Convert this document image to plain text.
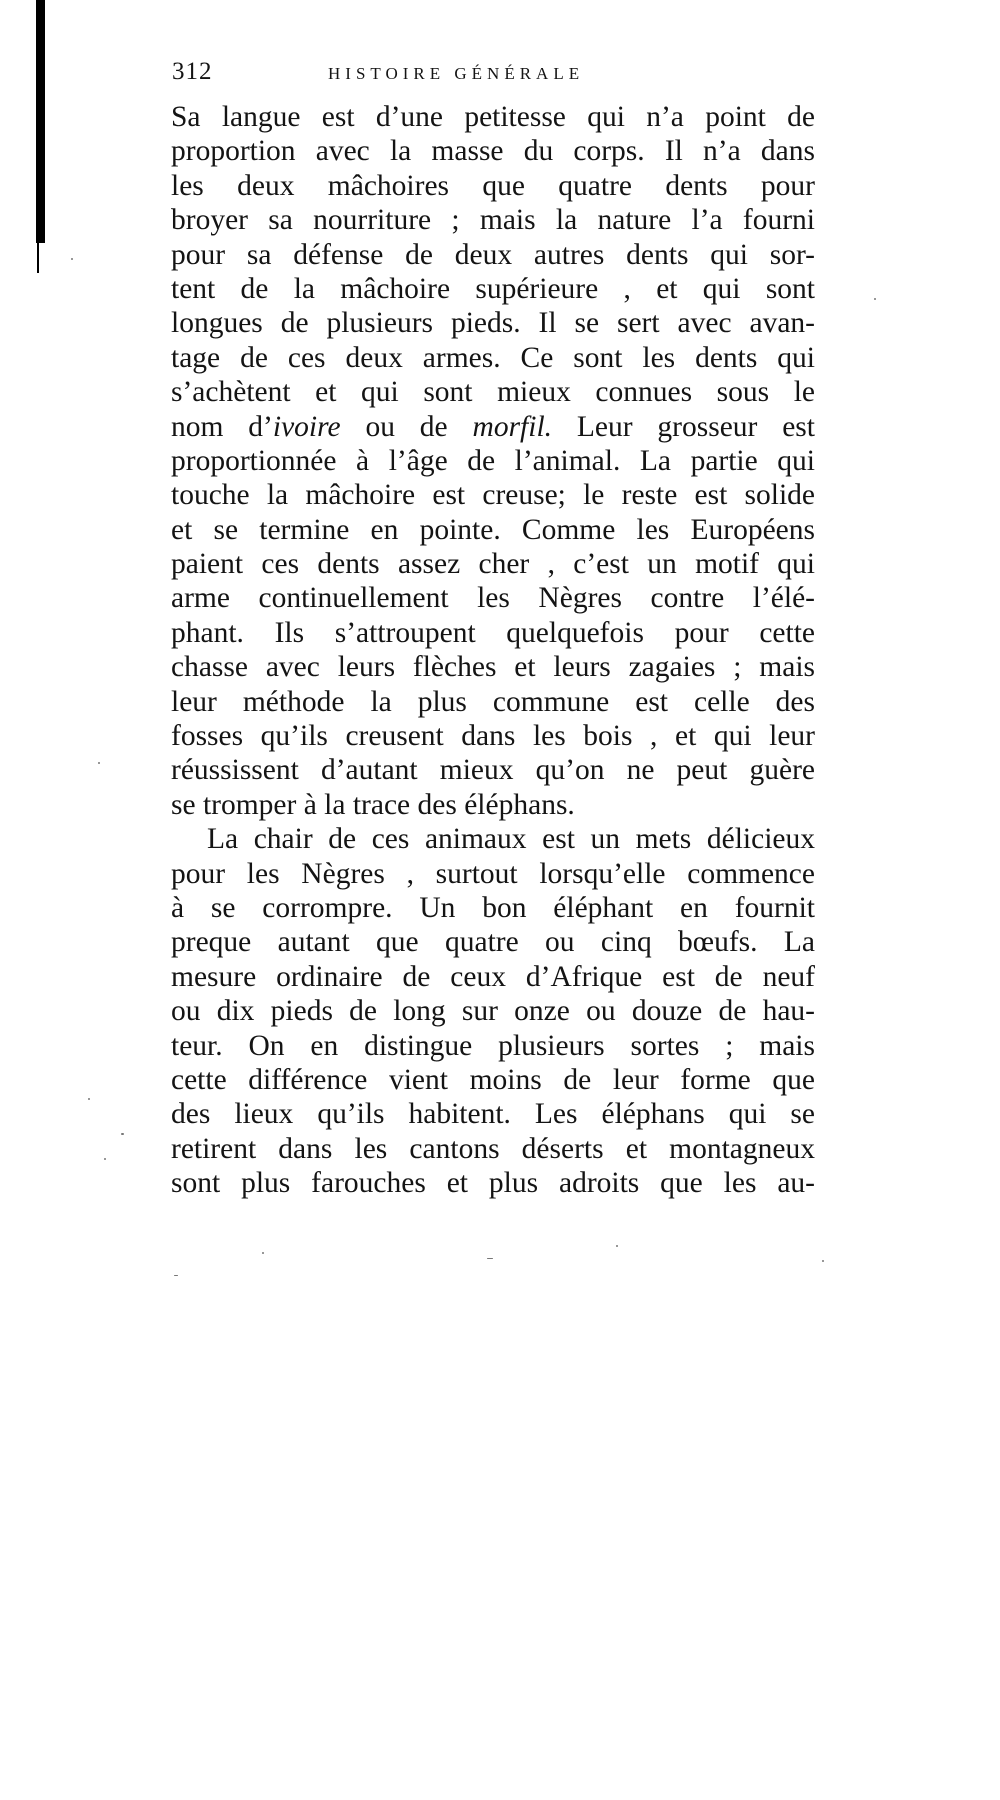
312	HISTOIRE GÉNÉRALE
Sa langue est d’une petitesse qui n’a point de
proportion avec la masse du corps. Il n’a dans
les deux mâchoires que quatre dents pour
broyer sa nourriture ; mais la nature l’a fourni
pour sa défense de deux autres dents qui sor-
tent de la mâchoire supérieure , et qui sont
longues de plusieurs pieds. Il se sert avec avan-
tage de ces deux armes. Ce sont les dents qui
s’achètent et qui sont mieux connues sous le
nom d’ivoire ou de morfil. Leur grosseur est
proportionnée à l’âge de l’animal. La partie qui
touche la mâchoire est creuse; le reste est solide
et se termine en pointe. Comme les Européens
paient ces dents assez cher , c’est un motif qui
arme continuellement les Nègres contre l’élé-
phant. Ils s’attroupent quelquefois pour cette
chasse avec leurs flèches et leurs zagaies ; mais
leur méthode la plus commune est celle des
fosses qu’ils creusent dans les bois , et qui leur
réussissent d’autant mieux qu’on ne peut guère
se tromper à la trace des éléphans.
La chair de ces animaux est un mets délicieux
pour les Nègres , surtout lorsqu’elle commence
à se corrompre. Un bon éléphant en fournit
preque autant que quatre ou cinq bœufs. La
mesure ordinaire de ceux d’Afrique est de neuf
ou dix pieds de long sur onze ou douze de hau-
teur. On en distingue plusieurs sortes ; mais
cette différence vient moins de leur forme que
des lieux qu’ils habitent. Les éléphans qui se
retirent dans les cantons déserts et montagneux
sont plus farouches et plus adroits que les au-
